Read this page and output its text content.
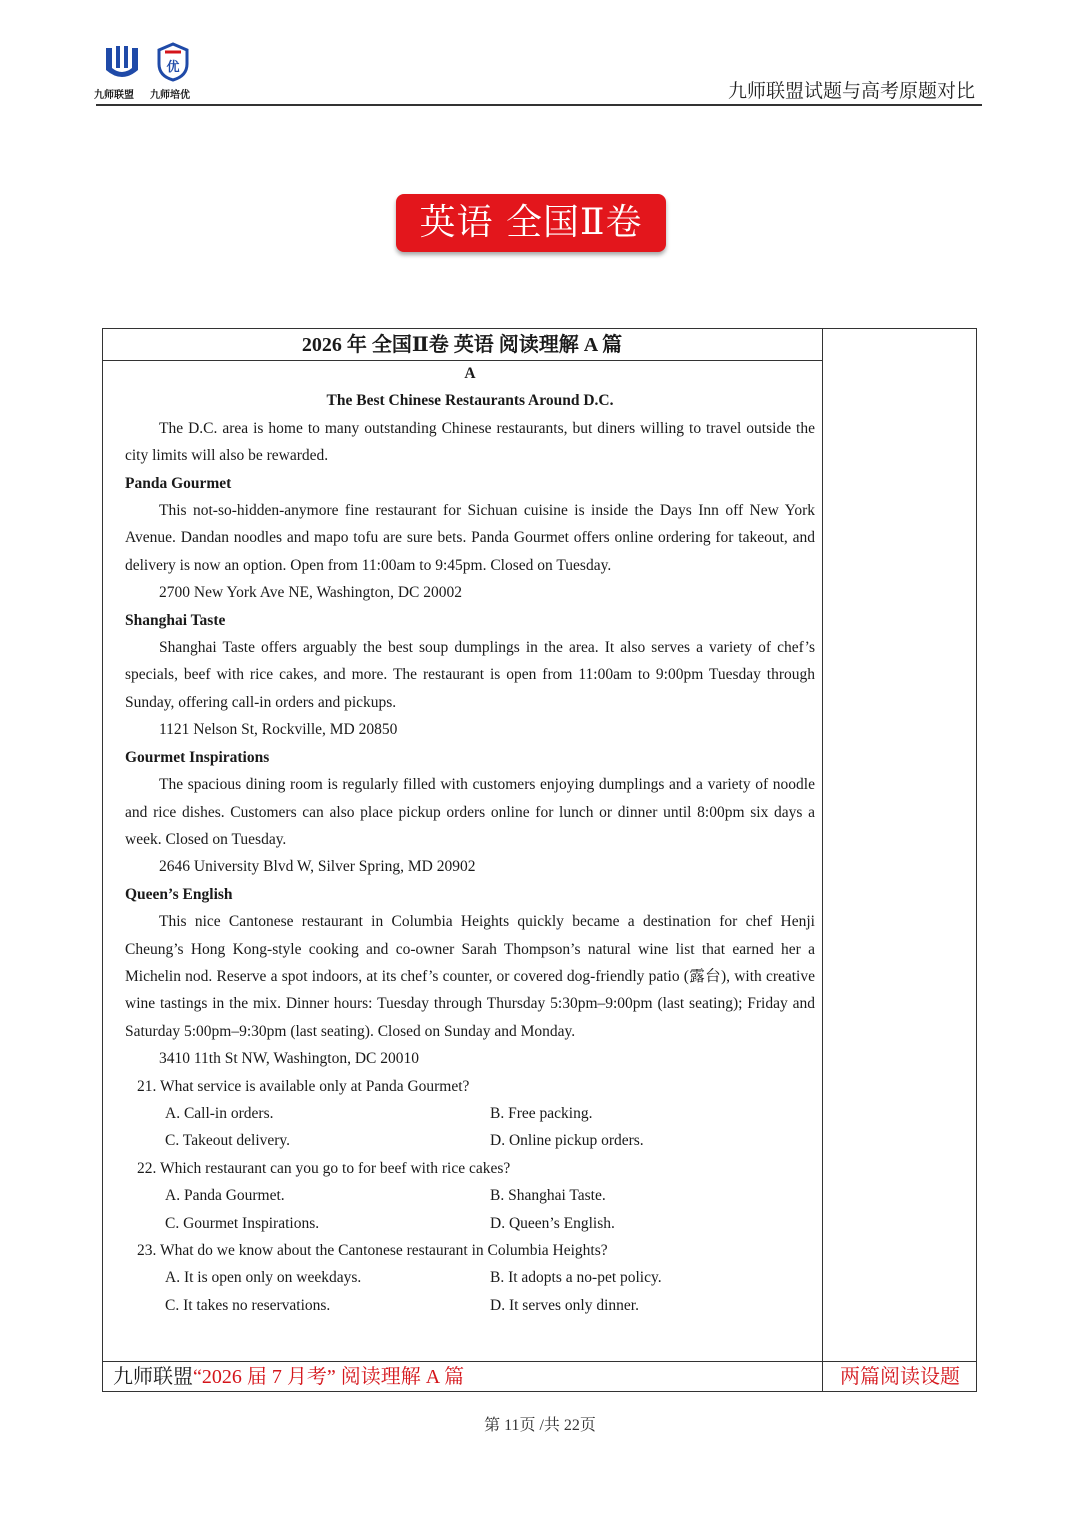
优
九师联盟 九师培优	九师联盟试题与高考原题对比
英语 全国Ⅱ卷
2026 年 全国Ⅱ卷 英语 阅读理解 A 篇

A

The Best Chinese Restaurants Around D.C.

The D.C. area is home to many outstanding Chinese restaurants, but diners willing to travel outside the city limits will also be rewarded.

Panda Gourmet

This not-so-hidden-anymore fine restaurant for Sichuan cuisine is inside the Days Inn off New York Avenue. Dandan noodles and mapo tofu are sure bets. Panda Gourmet offers online ordering for takeout, and delivery is now an option. Open from 11:00am to 9:45pm. Closed on Tuesday.

2700 New York Ave NE, Washington, DC 20002

Shanghai Taste

Shanghai Taste offers arguably the best soup dumplings in the area. It also serves a variety of chef’s specials, beef with rice cakes, and more. The restaurant is open from 11:00am to 9:00pm Tuesday through Sunday, offering call-in orders and pickups.

1121 Nelson St, Rockville, MD 20850

Gourmet Inspirations

The spacious dining room is regularly filled with customers enjoying dumplings and a variety of noodle and rice dishes. Customers can also place pickup orders online for lunch or dinner until 8:00pm six days a week. Closed on Tuesday.

2646 University Blvd W, Silver Spring, MD 20902

Queen’s English

This nice Cantonese restaurant in Columbia Heights quickly became a destination for chef Henji Cheung’s Hong Kong-style cooking and co-owner Sarah Thompson’s natural wine list that earned her a Michelin nod. Reserve a spot indoors, at its chef’s counter, or covered dog-friendly patio (露台), with creative wine tastings in the mix. Dinner hours: Tuesday through Thursday 5:30pm–9:00pm (last seating); Friday and Saturday 5:00pm–9:30pm (last seating). Closed on Sunday and Monday.

3410 11th St NW, Washington, DC 20010

21. What service is available only at Panda Gourmet?

A. Call-in orders.	B. Free packing.
C. Takeout delivery.	D. Online pickup orders.

22. Which restaurant can you go to for beef with rice cakes?

A. Panda Gourmet.	B. Shanghai Taste.
C. Gourmet Inspirations.	D. Queen’s English.

23. What do we know about the Cantonese restaurant in Columbia Heights?

A. It is open only on weekdays.	B. It adopts a no-pet policy.
C. It takes no reservations.	D. It serves only dinner.
九师联盟“2026 届 7 月考” 阅读理解 A 篇	两篇阅读设题
第 11页 /共 22页
